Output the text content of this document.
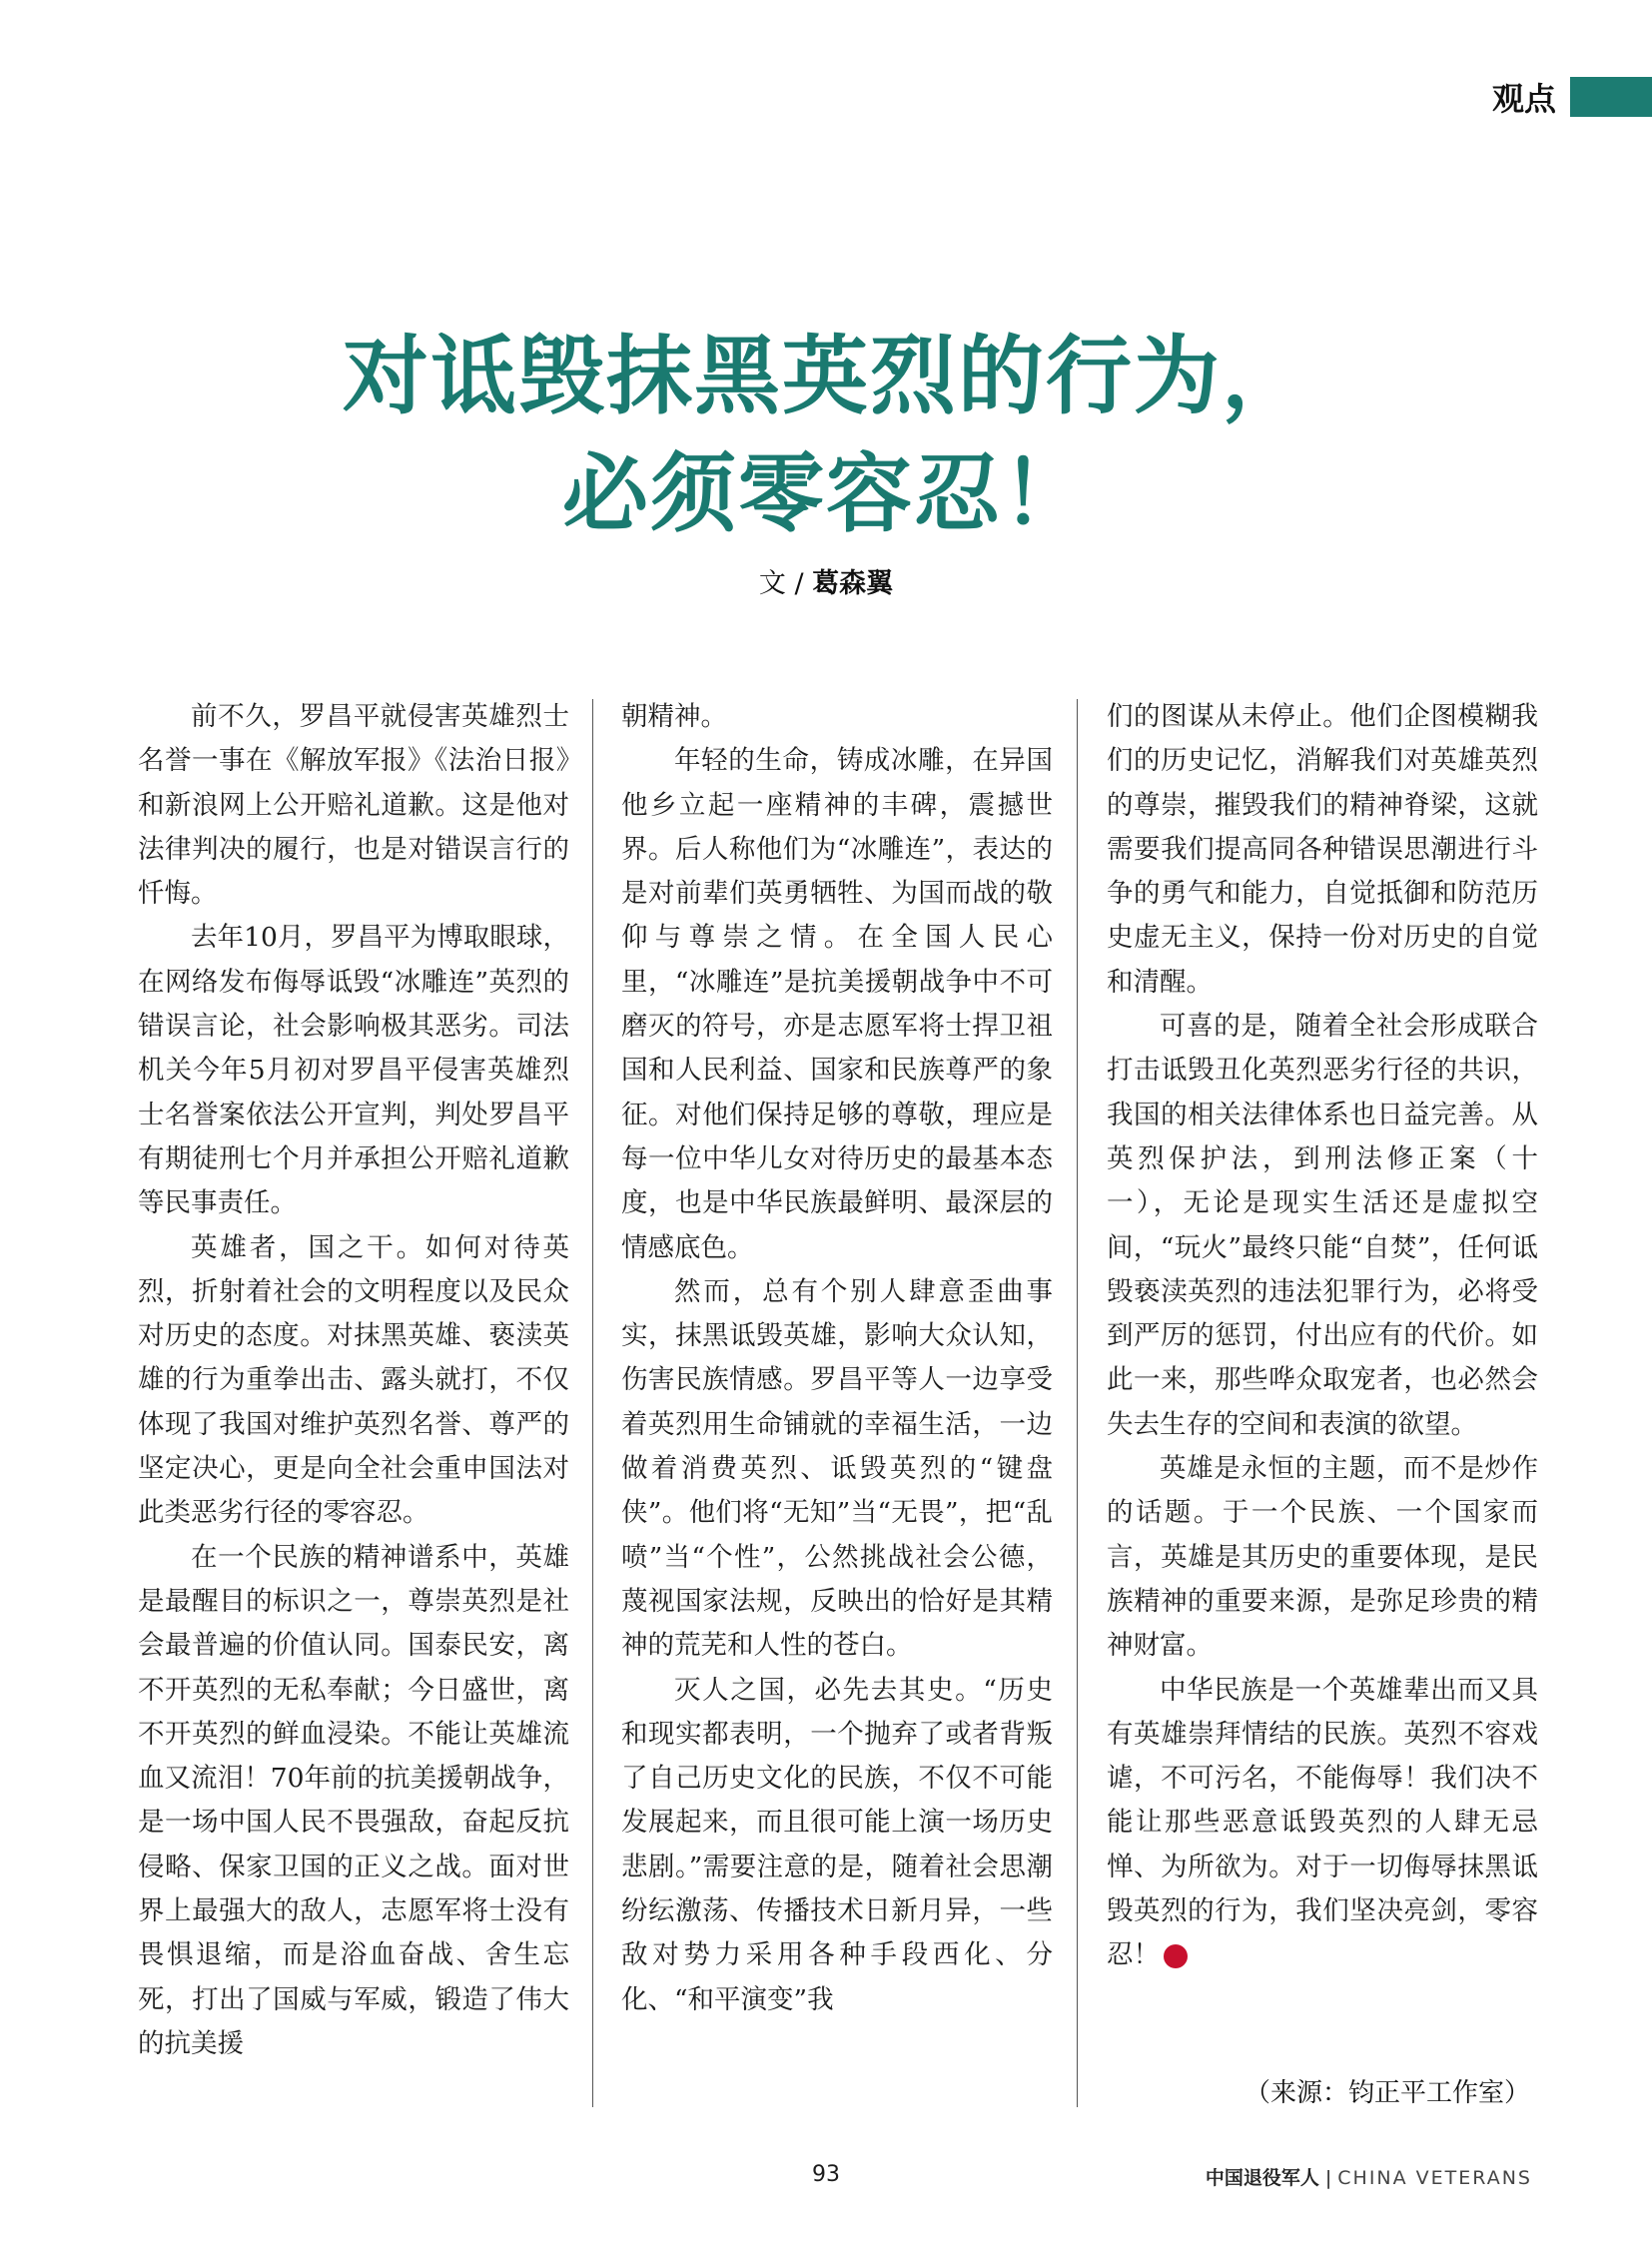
观点
对诋毁抹黑英烈的行为，
必须零容忍！
文 / 葛森翼

前不久，罗昌平就侵害英雄烈士名誉一事在《解放军报》《法治日报》和新浪网上公开赔礼道歉。这是他对法律判决的履行，也是对错误言行的忏悔。

去年10月，罗昌平为博取眼球，在网络发布侮辱诋毁“冰雕连”英烈的错误言论，社会影响极其恶劣。司法机关今年5月初对罗昌平侵害英雄烈士名誉案依法公开宣判，判处罗昌平有期徒刑七个月并承担公开赔礼道歉等民事责任。

英雄者，国之干。如何对待英烈，折射着社会的文明程度以及民众对历史的态度。对抹黑英雄、亵渎英雄的行为重拳出击、露头就打，不仅体现了我国对维护英烈名誉、尊严的坚定决心，更是向全社会重申国法对此类恶劣行径的零容忍。

在一个民族的精神谱系中，英雄是最醒目的标识之一，尊崇英烈是社会最普遍的价值认同。国泰民安，离不开英烈的无私奉献；今日盛世，离不开英烈的鲜血浸染。不能让英雄流血又流泪！70年前的抗美援朝战争，是一场中国人民不畏强敌，奋起反抗侵略、保家卫国的正义之战。面对世界上最强大的敌人，志愿军将士没有畏惧退缩，而是浴血奋战、舍生忘死，打出了国威与军威，锻造了伟大的抗美援

朝精神。

年轻的生命，铸成冰雕，在异国他乡立起一座精神的丰碑，震撼世界。后人称他们为“冰雕连”，表达的是对前辈们英勇牺牲、为国而战的敬仰与尊崇之情。在全国人民心里，“冰雕连”是抗美援朝战争中不可磨灭的符号，亦是志愿军将士捍卫祖国和人民利益、国家和民族尊严的象征。对他们保持足够的尊敬，理应是每一位中华儿女对待历史的最基本态度，也是中华民族最鲜明、最深层的情感底色。

然而，总有个别人肆意歪曲事实，抹黑诋毁英雄，影响大众认知，伤害民族情感。罗昌平等人一边享受着英烈用生命铺就的幸福生活，一边做着消费英烈、诋毁英烈的“键盘侠”。他们将“无知”当“无畏”，把“乱喷”当“个性”，公然挑战社会公德，蔑视国家法规，反映出的恰好是其精神的荒芜和人性的苍白。

灭人之国，必先去其史。“历史和现实都表明，一个抛弃了或者背叛了自己历史文化的民族，不仅不可能发展起来，而且很可能上演一场历史悲剧。”需要注意的是，随着社会思潮纷纭激荡、传播技术日新月异，一些敌对势力采用各种手段西化、分化、“和平演变”我

们的图谋从未停止。他们企图模糊我们的历史记忆，消解我们对英雄英烈的尊崇，摧毁我们的精神脊梁，这就需要我们提高同各种错误思潮进行斗争的勇气和能力，自觉抵御和防范历史虚无主义，保持一份对历史的自觉和清醒。

可喜的是，随着全社会形成联合打击诋毁丑化英烈恶劣行径的共识，我国的相关法律体系也日益完善。从英烈保护法，到刑法修正案（十一），无论是现实生活还是虚拟空间，“玩火”最终只能“自焚”，任何诋毁亵渎英烈的违法犯罪行为，必将受到严厉的惩罚，付出应有的代价。如此一来，那些哗众取宠者，也必然会失去生存的空间和表演的欲望。

英雄是永恒的主题，而不是炒作的话题。于一个民族、一个国家而言，英雄是其历史的重要体现，是民族精神的重要来源，是弥足珍贵的精神财富。

中华民族是一个英雄辈出而又具有英雄崇拜情结的民族。英烈不容戏谑，不可污名，不能侮辱！我们决不能让那些恶意诋毁英烈的人肆无忌惮、为所欲为。对于一切侮辱抹黑诋毁英烈的行为，我们坚决亮剑，零容忍！	▼

（来源：钧正平工作室）
93	中国退役军人 | CHINA VETERANS
